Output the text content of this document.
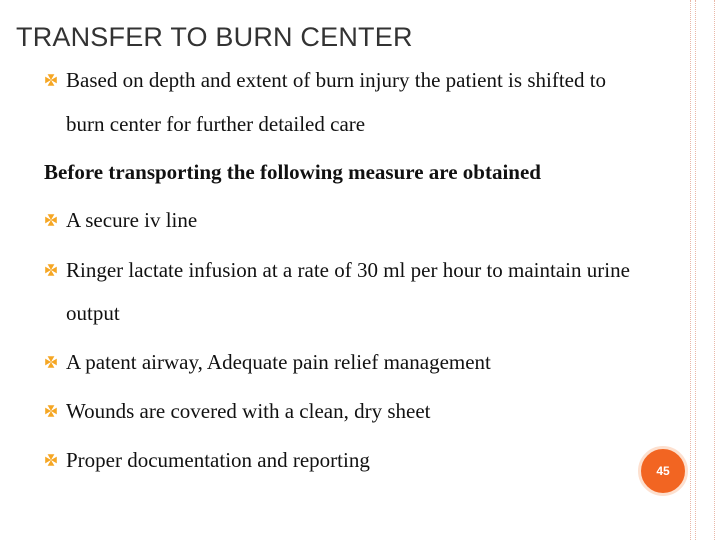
TRANSFER TO BURN CENTER
Based on depth and extent of burn injury the patient is shifted to
burn center for further detailed care
Before transporting the following measure are obtained
A secure iv line
Ringer lactate infusion at a rate of 30 ml per hour to maintain urine
output
A patent airway, Adequate pain relief management
Wounds are covered with a clean, dry sheet
Proper documentation and reporting	45
